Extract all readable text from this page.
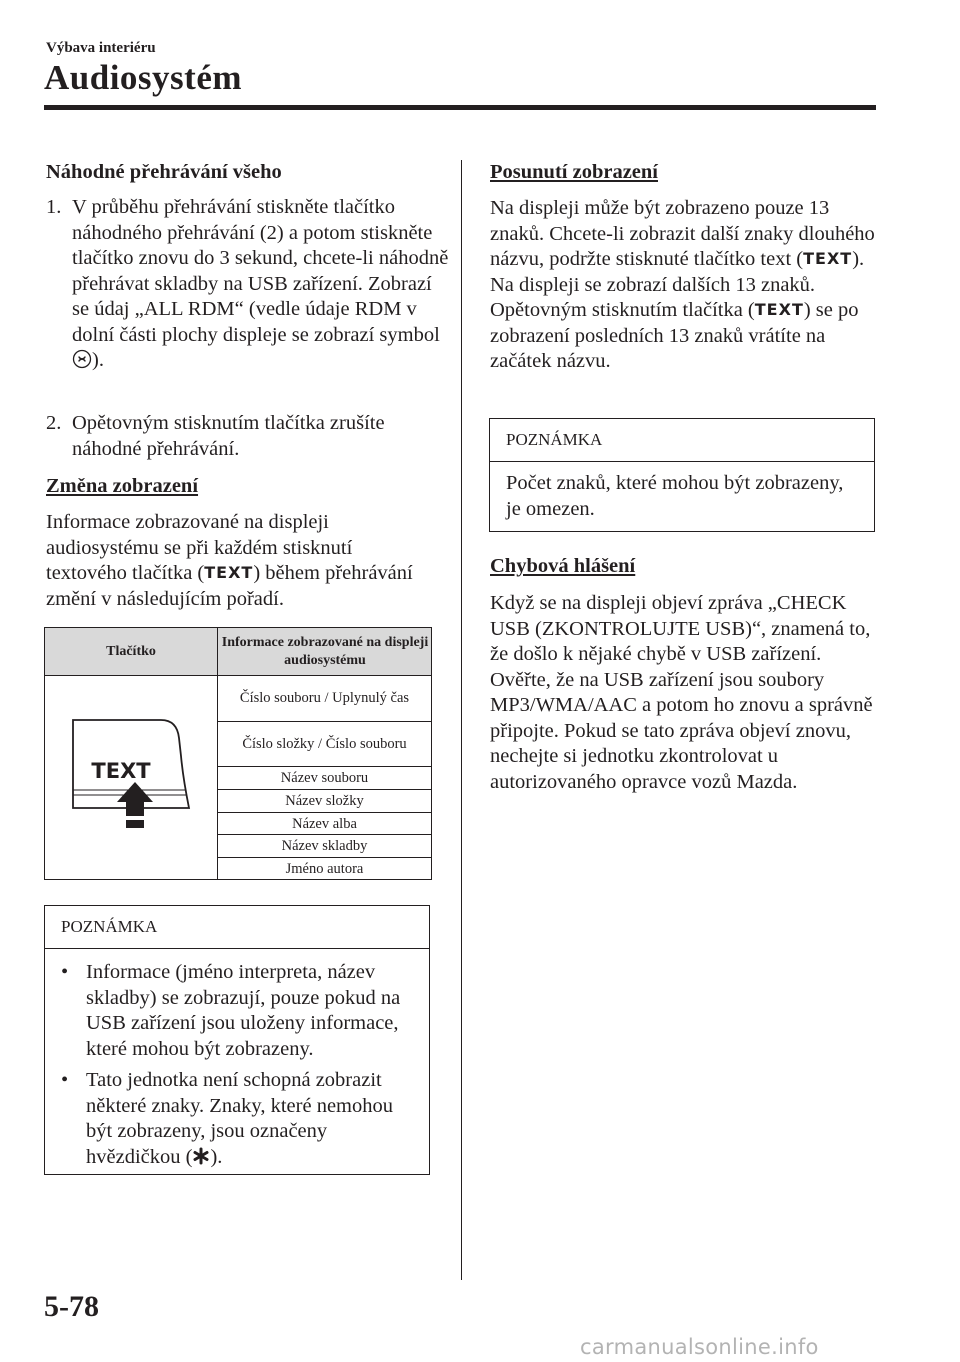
Výbava interiéru
Audiosystém
Náhodné přehrávání všeho
1. V průběhu přehrávání stiskněte tlačítko náhodného přehrávání (2) a potom stiskněte tlačítko znovu do 3 sekund, chcete-li náhodně přehrávat skladby na USB zařízení. Zobrazí se údaj „ALL RDM“ (vedle údaje RDM v dolní části plochy displeje se zobrazí symbol ).
2. Opětovným stisknutím tlačítka zrušíte náhodné přehrávání.
Změna zobrazení

Informace zobrazované na displeji audiosystému se při každém stisknutí textového tlačítka (TEXT) během přehrávání změní v následujícím pořadí.

Tlačítko
Informace zobrazované na displeji audiosystému
TEXT
Číslo souboru / Uplynulý čas
Číslo složky / Číslo souboru
Název souboru
Název složky
Název alba
Název skladby
Jméno autora
POZNÁMKA
• Informace (jméno interpreta, název skladby) se zobrazují, pouze pokud na USB zařízení jsou uloženy informace, které mohou být zobrazeny.
• Tato jednotka není schopná zobrazit některé znaky. Znaky, které nemohou být zobrazeny, jsou označeny hvězdičkou ( ).
Posunutí zobrazení

Na displeji může být zobrazeno pouze 13 znaků. Chcete-li zobrazit další znaky dlouhého názvu, podržte stisknuté tlačítko text (TEXT). Na displeji se zobrazí dalších 13 znaků. Opětovným stisknutím tlačítka (TEXT) se po zobrazení posledních 13 znaků vrátíte na začátek názvu.

POZNÁMKA

Počet znaků, které mohou být zobrazeny, je omezen.

Chybová hlášení

Když se na displeji objeví zpráva „CHECK USB (ZKONTROLUJTE USB)“, znamená to, že došlo k nějaké chybě v USB zařízení. Ověřte, že na USB zařízení jsou soubory MP3/WMA/AAC a potom ho znovu a správně připojte. Pokud se tato zpráva objeví znovu, nechejte si jednotku zkontrolovat u autorizovaného opravce vozů Mazda.

5-78
carmanualsonline.info
